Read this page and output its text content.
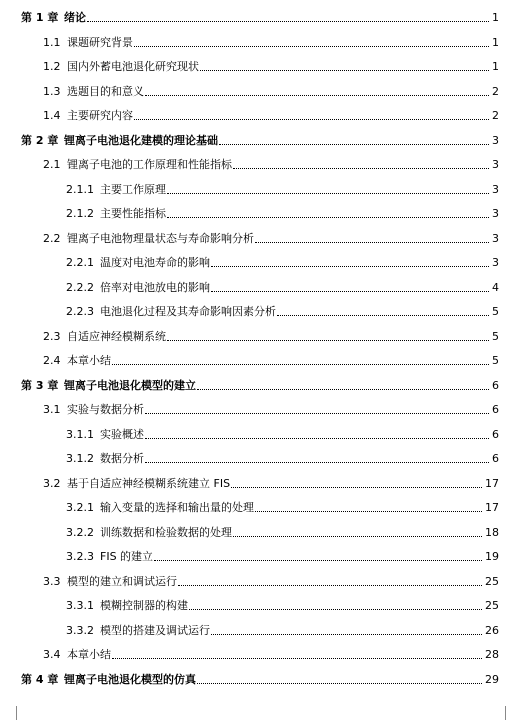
第 1 章 绪论	1
1.1 课题研究背景	1
1.2 国内外蓄电池退化研究现状	1
1.3 选题目的和意义	2
1.4 主要研究内容	2
第 2 章 锂离子电池退化建模的理论基础	3
2.1 锂离子电池的工作原理和性能指标	3
2.1.1 主要工作原理	3
2.1.2 主要性能指标	3
2.2 锂离子电池物理量状态与寿命影响分析	3
2.2.1 温度对电池寿命的影响	3
2.2.2 倍率对电池放电的影响	4
2.2.3 电池退化过程及其寿命影响因素分析	5
2.3 自适应神经模糊系统	5
2.4 本章小结	5
第 3 章 锂离子电池退化模型的建立	6
3.1 实验与数据分析	6
3.1.1 实验概述	6
3.1.2 数据分析	6
3.2 基于自适应神经模糊系统建立 FIS	17
3.2.1 输入变量的选择和输出量的处理	17
3.2.2 训练数据和检验数据的处理	18
3.2.3 FIS 的建立	19
3.3 模型的建立和调试运行	25
3.3.1 模糊控制器的构建	25
3.3.2 模型的搭建及调试运行	26
3.4 本章小结	28
第 4 章 锂离子电池退化模型的仿真	29
